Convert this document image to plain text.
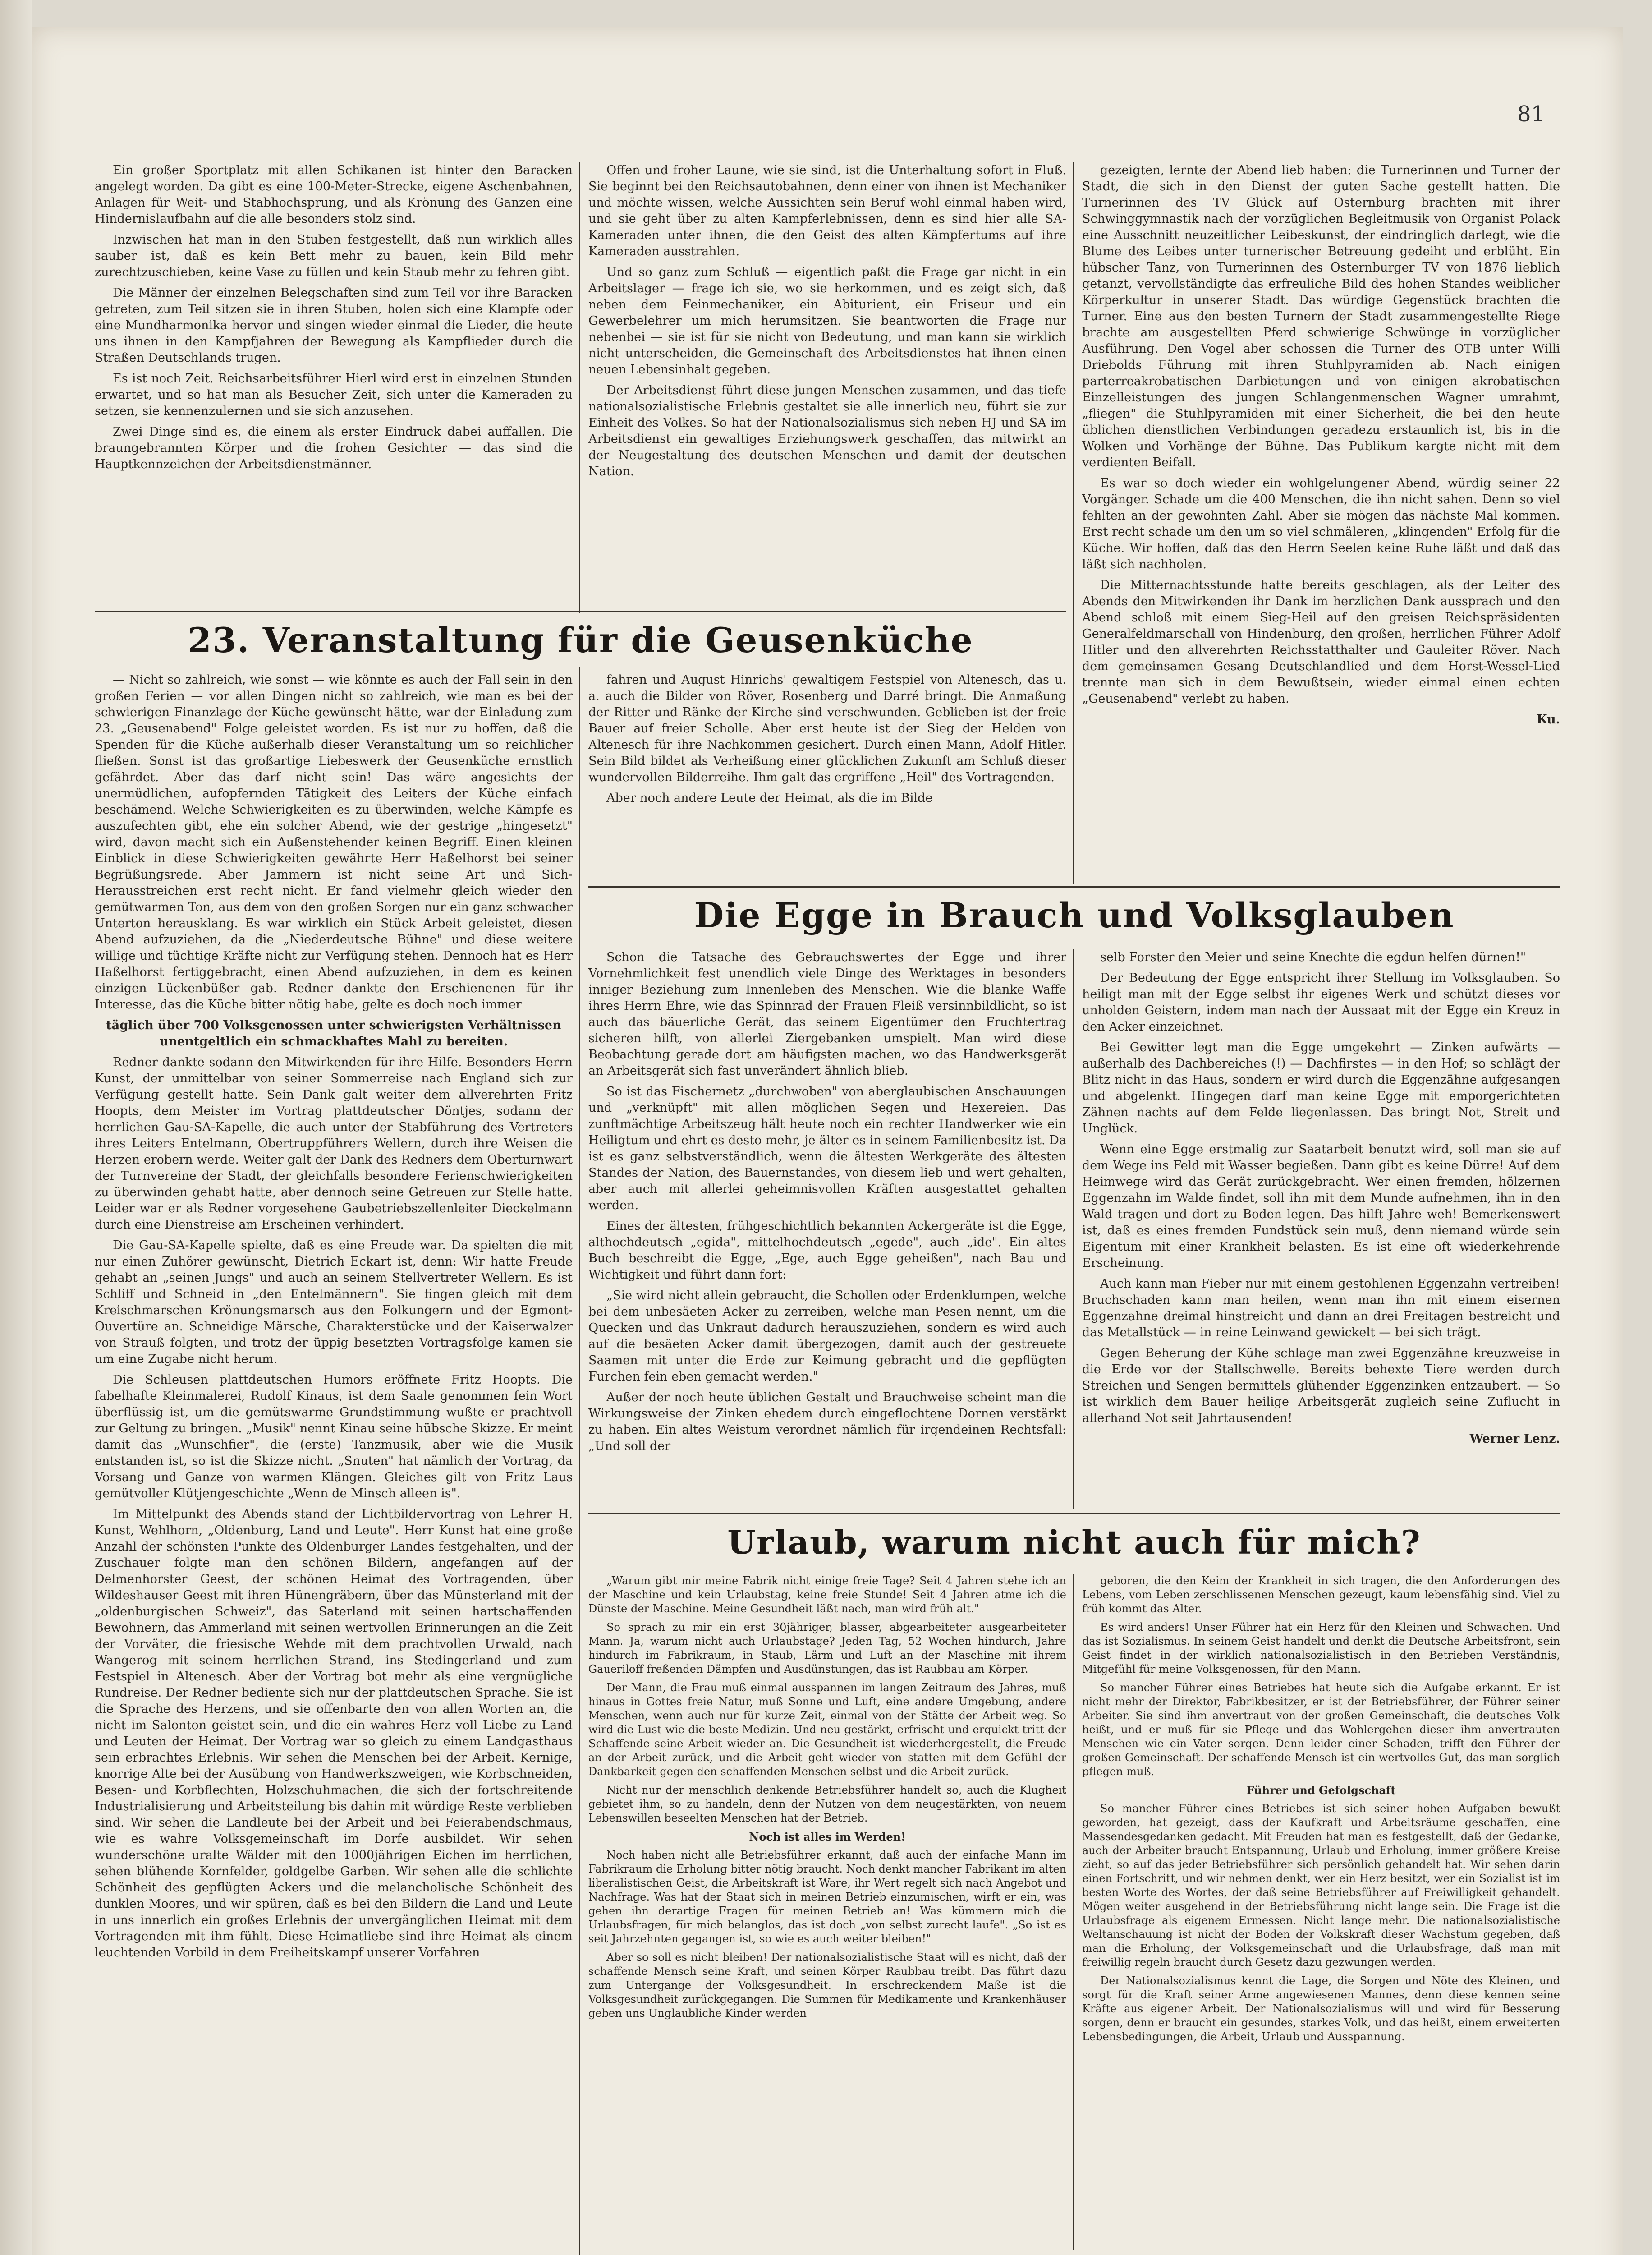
81

Ein großer Sportplatz mit allen Schikanen ist hinter den Baracken angelegt worden. Da gibt es eine 100-Meter-Strecke, eigene Aschenbahnen, Anlagen für Weit- und Stabhochsprung, und als Krönung des Ganzen eine Hindernislaufbahn auf die alle besonders stolz sind.

Inzwischen hat man in den Stuben festgestellt, daß nun wirklich alles sauber ist, daß es kein Bett mehr zu bauen, kein Bild mehr zurechtzuschieben, keine Vase zu füllen und kein Staub mehr zu fehren gibt.

Die Männer der einzelnen Belegschaften sind zum Teil vor ihre Baracken getreten, zum Teil sitzen sie in ihren Stuben, holen sich eine Klampfe oder eine Mundharmonika hervor und singen wieder einmal die Lieder, die heute uns ihnen in den Kampfjahren der Bewegung als Kampflieder durch die Straßen Deutschlands trugen.

Es ist noch Zeit. Reichsarbeitsführer Hierl wird erst in einzelnen Stunden erwartet, und so hat man als Besucher Zeit, sich unter die Kameraden zu setzen, sie kennenzulernen und sie sich anzusehen.

Zwei Dinge sind es, die einem als erster Eindruck dabei auffallen. Die braungebrannten Körper und die frohen Gesichter — das sind die Hauptkennzeichen der Arbeitsdienstmänner.

Offen und froher Laune, wie sie sind, ist die Unterhaltung sofort in Fluß. Sie beginnt bei den Reichsautobahnen, denn einer von ihnen ist Mechaniker und möchte wissen, welche Aussichten sein Beruf wohl einmal haben wird, und sie geht über zu alten Kampferlebnissen, denn es sind hier alle SA-Kameraden unter ihnen, die den Geist des alten Kämpfertums auf ihre Kameraden ausstrahlen.

Und so ganz zum Schluß — eigentlich paßt die Frage gar nicht in ein Arbeitslager — frage ich sie, wo sie herkommen, und es zeigt sich, daß neben dem Feinmechaniker, ein Abiturient, ein Friseur und ein Gewerbelehrer um mich herumsitzen. Sie beantworten die Frage nur nebenbei — sie ist für sie nicht von Bedeutung, und man kann sie wirklich nicht unterscheiden, die Gemeinschaft des Arbeitsdienstes hat ihnen einen neuen Lebensinhalt gegeben.

Der Arbeitsdienst führt diese jungen Menschen zusammen, und das tiefe nationalsozialistische Erlebnis gestaltet sie alle innerlich neu, führt sie zur Einheit des Volkes. So hat der Nationalsozialismus sich neben HJ und SA im Arbeitsdienst ein gewaltiges Erziehungswerk geschaffen, das mitwirkt an der Neugestaltung des deutschen Menschen und damit der deutschen Nation.

gezeigten, lernte der Abend lieb haben: die Turnerinnen und Turner der Stadt, die sich in den Dienst der guten Sache gestellt hatten. Die Turnerinnen des TV Glück auf Osternburg brachten mit ihrer Schwinggymnastik nach der vorzüglichen Begleitmusik von Organist Polack eine Ausschnitt neuzeitlicher Leibeskunst, der eindringlich darlegt, wie die Blume des Leibes unter turnerischer Betreuung gedeiht und erblüht. Ein hübscher Tanz, von Turnerinnen des Osternburger TV von 1876 lieblich getanzt, vervollständigte das erfreuliche Bild des hohen Standes weiblicher Körperkultur in unserer Stadt. Das würdige Gegenstück brachten die Turner. Eine aus den besten Turnern der Stadt zusammengestellte Riege brachte am ausgestellten Pferd schwierige Schwünge in vorzüglicher Ausführung. Den Vogel aber schossen die Turner des OTB unter Willi Driebolds Führung mit ihren Stuhlpyramiden ab. Nach einigen parterreakrobatischen Darbietungen und von einigen akrobatischen Einzelleistungen des jungen Schlangenmenschen Wagner umrahmt, „fliegen" die Stuhlpyramiden mit einer Sicherheit, die bei den heute üblichen dienstlichen Verbindungen geradezu erstaunlich ist, bis in die Wolken und Vorhänge der Bühne. Das Publikum kargte nicht mit dem verdienten Beifall.

Es war so doch wieder ein wohlgelungener Abend, würdig seiner 22 Vorgänger. Schade um die 400 Menschen, die ihn nicht sahen. Denn so viel fehlten an der gewohnten Zahl. Aber sie mögen das nächste Mal kommen. Erst recht schade um den um so viel schmäleren, „klingenden" Erfolg für die Küche. Wir hoffen, daß das den Herrn Seelen keine Ruhe läßt und daß das läßt sich nachholen.

Die Mitternachtsstunde hatte bereits geschlagen, als der Leiter des Abends den Mitwirkenden ihr Dank im herzlichen Dank aussprach und den Abend schloß mit einem Sieg-Heil auf den greisen Reichspräsidenten Generalfeldmarschall von Hindenburg, den großen, herrlichen Führer Adolf Hitler und den allverehrten Reichsstatthalter und Gauleiter Röver. Nach dem gemeinsamen Gesang Deutschlandlied und dem Horst-Wessel-Lied trennte man sich in dem Bewußtsein, wieder einmal einen echten „Geusenabend" verlebt zu haben.

Ku.

23. Veranstaltung für die Geusenküche

— Nicht so zahlreich, wie sonst — wie könnte es auch der Fall sein in den großen Ferien — vor allen Dingen nicht so zahlreich, wie man es bei der schwierigen Finanzlage der Küche gewünscht hätte, war der Einladung zum 23. „Geusenabend" Folge geleistet worden. Es ist nur zu hoffen, daß die Spenden für die Küche außerhalb dieser Veranstaltung um so reichlicher fließen. Sonst ist das großartige Liebeswerk der Geusenküche ernstlich gefährdet. Aber das darf nicht sein! Das wäre angesichts der unermüdlichen, aufopfernden Tätigkeit des Leiters der Küche einfach beschämend. Welche Schwierigkeiten es zu überwinden, welche Kämpfe es auszufechten gibt, ehe ein solcher Abend, wie der gestrige „hingesetzt" wird, davon macht sich ein Außenstehender keinen Begriff. Einen kleinen Einblick in diese Schwierigkeiten gewährte Herr Haßelhorst bei seiner Begrüßungsrede. Aber Jammern ist nicht seine Art und Sich-Herausstreichen erst recht nicht. Er fand vielmehr gleich wieder den gemütwarmen Ton, aus dem von den großen Sorgen nur ein ganz schwacher Unterton herausklang. Es war wirklich ein Stück Arbeit geleistet, diesen Abend aufzuziehen, da die „Niederdeutsche Bühne" und diese weitere willige und tüchtige Kräfte nicht zur Verfügung stehen. Dennoch hat es Herr Haßelhorst fertiggebracht, einen Abend aufzuziehen, in dem es keinen einzigen Lückenbüßer gab. Redner dankte den Erschienenen für ihr Interesse, das die Küche bitter nötig habe, gelte es doch noch immer

täglich über 700 Volksgenossen unter schwierigsten Verhältnissen unentgeltlich ein schmackhaftes Mahl zu bereiten.

Redner dankte sodann den Mitwirkenden für ihre Hilfe. Besonders Herrn Kunst, der unmittelbar von seiner Sommerreise nach England sich zur Verfügung gestellt hatte. Sein Dank galt weiter dem allverehrten Fritz Hoopts, dem Meister im Vortrag plattdeutscher Döntjes, sodann der herrlichen Gau-SA-Kapelle, die auch unter der Stabführung des Vertreters ihres Leiters Entelmann, Obertruppführers Wellern, durch ihre Weisen die Herzen erobern werde. Weiter galt der Dank des Redners dem Oberturnwart der Turnvereine der Stadt, der gleichfalls besondere Ferienschwierigkeiten zu überwinden gehabt hatte, aber dennoch seine Getreuen zur Stelle hatte. Leider war er als Redner vorgesehene Gaubetriebszellenleiter Dieckelmann durch eine Dienstreise am Erscheinen verhindert.

Die Gau-SA-Kapelle spielte, daß es eine Freude war. Da spielten die mit nur einen Zuhörer gewünscht, Dietrich Eckart ist, denn: Wir hatte Freude gehabt an „seinen Jungs" und auch an seinem Stellvertreter Wellern. Es ist Schliff und Schneid in „den Entelmännern". Sie fingen gleich mit dem Kreischmarschen Krönungsmarsch aus den Folkungern und der Egmont-Ouvertüre an. Schneidige Märsche, Charakterstücke und der Kaiserwalzer von Strauß folgten, und trotz der üppig besetzten Vortragsfolge kamen sie um eine Zugabe nicht herum.

Die Schleusen plattdeutschen Humors eröffnete Fritz Hoopts. Die fabelhafte Kleinmalerei, Rudolf Kinaus, ist dem Saale genommen fein Wort überflüssig ist, um die gemütswarme Grundstimmung wußte er prachtvoll zur Geltung zu bringen. „Musik" nennt Kinau seine hübsche Skizze. Er meint damit das „Wunschfier", die (erste) Tanzmusik, aber wie die Musik entstanden ist, so ist die Skizze nicht. „Snuten" hat nämlich der Vortrag, da Vorsang und Ganze von warmen Klängen. Gleiches gilt von Fritz Laus gemütvoller Klütjengeschichte „Wenn de Minsch alleen is".

Im Mittelpunkt des Abends stand der Lichtbildervortrag von Lehrer H. Kunst, Wehlhorn, „Oldenburg, Land und Leute". Herr Kunst hat eine große Anzahl der schönsten Punkte des Oldenburger Landes festgehalten, und der Zuschauer folgte man den schönen Bildern, angefangen auf der Delmenhorster Geest, der schönen Heimat des Vortragenden, über Wildeshauser Geest mit ihren Hünengräbern, über das Münsterland mit der „oldenburgischen Schweiz", das Saterland mit seinen hartschaffenden Bewohnern, das Ammerland mit seinen wertvollen Erinnerungen an die Zeit der Vorväter, die friesische Wehde mit dem prachtvollen Urwald, nach Wangerog mit seinem herrlichen Strand, ins Stedingerland und zum Festspiel in Altenesch. Aber der Vortrag bot mehr als eine vergnügliche Rundreise. Der Redner bediente sich nur der plattdeutschen Sprache. Sie ist die Sprache des Herzens, und sie offenbarte den von allen Worten an, die nicht im Salonton geistet sein, und die ein wahres Herz voll Liebe zu Land und Leuten der Heimat. Der Vortrag war so gleich zu einem Landgasthaus sein erbrachtes Erlebnis. Wir sehen die Menschen bei der Arbeit. Kernige, knorrige Alte bei der Ausübung von Handwerkszweigen, wie Korbschneiden, Besen- und Korbflechten, Holzschuhmachen, die sich der fortschreitende Industrialisierung und Arbeitsteilung bis dahin mit würdige Reste verblieben sind. Wir sehen die Landleute bei der Arbeit und bei Feierabendschmaus, wie es wahre Volksgemeinschaft im Dorfe ausbildet. Wir sehen wunderschöne uralte Wälder mit den 1000jährigen Eichen im herrlichen, sehen blühende Kornfelder, goldgelbe Garben. Wir sehen alle die schlichte Schönheit des gepflügten Ackers und die melancholische Schönheit des dunklen Moores, und wir spüren, daß es bei den Bildern die Land und Leute in uns innerlich ein großes Erlebnis der unvergänglichen Heimat mit dem Vortragenden mit ihm fühlt. Diese Heimatliebe sind ihre Heimat als einem leuchtenden Vorbild in dem Freiheitskampf unserer Vorfahren

fahren und August Hinrichs' gewaltigem Festspiel von Altenesch, das u. a. auch die Bilder von Röver, Rosenberg und Darré bringt. Die Anmaßung der Ritter und Ränke der Kirche sind verschwunden. Geblieben ist der freie Bauer auf freier Scholle. Aber erst heute ist der Sieg der Helden von Altenesch für ihre Nachkommen gesichert. Durch einen Mann, Adolf Hitler. Sein Bild bildet als Verheißung einer glücklichen Zukunft am Schluß dieser wundervollen Bilderreihe. Ihm galt das ergriffene „Heil" des Vortragenden.

Aber noch andere Leute der Heimat, als die im Bilde

Die Egge in Brauch und Volksglauben

Schon die Tatsache des Gebrauchswertes der Egge und ihrer Vornehmlichkeit fest unendlich viele Dinge des Werktages in besonders inniger Beziehung zum Innenleben des Menschen. Wie die blanke Waffe ihres Herrn Ehre, wie das Spinnrad der Frauen Fleiß versinnbildlicht, so ist auch das bäuerliche Gerät, das seinem Eigentümer den Fruchtertrag sicheren hilft, von allerlei Ziergebanken umspielt. Man wird diese Beobachtung gerade dort am häufigsten machen, wo das Handwerksgerät an Arbeitsgerät sich fast unverändert ähnlich blieb.

So ist das Fischernetz „durchwoben" von aberglaubischen Anschauungen und „verknüpft" mit allen möglichen Segen und Hexereien. Das zunftmächtige Arbeitszeug hält heute noch ein rechter Handwerker wie ein Heiligtum und ehrt es desto mehr, je älter es in seinem Familienbesitz ist. Da ist es ganz selbstverständlich, wenn die ältesten Werkgeräte des ältesten Standes der Nation, des Bauernstandes, von diesem lieb und wert gehalten, aber auch mit allerlei geheimnisvollen Kräften ausgestattet gehalten werden.

Eines der ältesten, frühgeschichtlich bekannten Ackergeräte ist die Egge, althochdeutsch „egida", mittelhochdeutsch „egede", auch „ide". Ein altes Buch beschreibt die Egge, „Ege, auch Egge geheißen", nach Bau und Wichtigkeit und führt dann fort:

„Sie wird nicht allein gebraucht, die Schollen oder Erdenklumpen, welche bei dem unbesäeten Acker zu zerreiben, welche man Pesen nennt, um die Quecken und das Unkraut dadurch herauszuziehen, sondern es wird auch auf die besäeten Acker damit übergezogen, damit auch der gestreuete Saamen mit unter die Erde zur Keimung gebracht und die gepflügten Furchen fein eben gemacht werden."

Außer der noch heute üblichen Gestalt und Brauchweise scheint man die Wirkungsweise der Zinken ehedem durch eingeflochtene Dornen verstärkt zu haben. Ein altes Weistum verordnet nämlich für irgendeinen Rechtsfall: „Und soll der

selb Forster den Meier und seine Knechte die egdun helfen dürnen!"

Der Bedeutung der Egge entspricht ihrer Stellung im Volksglauben. So heiligt man mit der Egge selbst ihr eigenes Werk und schützt dieses vor unholden Geistern, indem man nach der Aussaat mit der Egge ein Kreuz in den Acker einzeichnet.

Bei Gewitter legt man die Egge umgekehrt — Zinken aufwärts — außerhalb des Dachbereiches (!) — Dachfirstes — in den Hof; so schlägt der Blitz nicht in das Haus, sondern er wird durch die Eggenzähne aufgesangen und abgelenkt. Hingegen darf man keine Egge mit emporgerichteten Zähnen nachts auf dem Felde liegenlassen. Das bringt Not, Streit und Unglück.

Wenn eine Egge erstmalig zur Saatarbeit benutzt wird, soll man sie auf dem Wege ins Feld mit Wasser begießen. Dann gibt es keine Dürre! Auf dem Heimwege wird das Gerät zurückgebracht. Wer einen fremden, hölzernen Eggenzahn im Walde findet, soll ihn mit dem Munde aufnehmen, ihn in den Wald tragen und dort zu Boden legen. Das hilft Jahre weh! Bemerkenswert ist, daß es eines fremden Fundstück sein muß, denn niemand würde sein Eigentum mit einer Krankheit belasten. Es ist eine oft wiederkehrende Erscheinung.

Auch kann man Fieber nur mit einem gestohlenen Eggenzahn vertreiben! Bruchschaden kann man heilen, wenn man ihn mit einem eisernen Eggenzahne dreimal hinstreicht und dann an drei Freitagen bestreicht und das Metallstück — in reine Leinwand gewickelt — bei sich trägt.

Gegen Beherung der Kühe schlage man zwei Eggenzähne kreuzweise in die Erde vor der Stallschwelle. Bereits behexte Tiere werden durch Streichen und Sengen bermittels glühender Eggenzinken entzaubert. — So ist wirklich dem Bauer heilige Arbeitsgerät zugleich seine Zuflucht in allerhand Not seit Jahrtausenden!

Werner Lenz.

Urlaub, warum nicht auch für mich?

„Warum gibt mir meine Fabrik nicht einige freie Tage? Seit 4 Jahren stehe ich an der Maschine und kein Urlaubstag, keine freie Stunde! Seit 4 Jahren atme ich die Dünste der Maschine. Meine Gesundheit läßt nach, man wird früh alt."

So sprach zu mir ein erst 30jähriger, blasser, abgearbeiteter ausgearbeiteter Mann. Ja, warum nicht auch Urlaubstage? Jeden Tag, 52 Wochen hindurch, Jahre hindurch im Fabrikraum, in Staub, Lärm und Luft an der Maschine mit ihrem Gaueriloff freßenden Dämpfen und Ausdünstungen, das ist Raubbau am Körper.

Der Mann, die Frau muß einmal ausspannen im langen Zeitraum des Jahres, muß hinaus in Gottes freie Natur, muß Sonne und Luft, eine andere Umgebung, andere Menschen, wenn auch nur für kurze Zeit, einmal von der Stätte der Arbeit weg. So wird die Lust wie die beste Medizin. Und neu gestärkt, erfrischt und erquickt tritt der Schaffende seine Arbeit wieder an. Die Gesundheit ist wiederhergestellt, die Freude an der Arbeit zurück, und die Arbeit geht wieder von statten mit dem Gefühl der Dankbarkeit gegen den schaffenden Menschen selbst und die Arbeit zurück.

Nicht nur der menschlich denkende Betriebsführer handelt so, auch die Klugheit gebietet ihm, so zu handeln, denn der Nutzen von dem neugestärkten, von neuem Lebenswillen beseelten Menschen hat der Betrieb.

Noch ist alles im Werden!

Noch haben nicht alle Betriebsführer erkannt, daß auch der einfache Mann im Fabrikraum die Erholung bitter nötig braucht. Noch denkt mancher Fabrikant im alten liberalistischen Geist, die Arbeitskraft ist Ware, ihr Wert regelt sich nach Angebot und Nachfrage. Was hat der Staat sich in meinen Betrieb einzumischen, wirft er ein, was gehen ihn derartige Fragen für meinen Betrieb an! Was kümmern mich die Urlaubsfragen, für mich belanglos, das ist doch „von selbst zurecht laufe". „So ist es seit Jahrzehnten gegangen ist, so wie es auch weiter bleiben!"

Aber so soll es nicht bleiben! Der nationalsozialistische Staat will es nicht, daß der schaffende Mensch seine Kraft, und seinen Körper Raubbau treibt. Das führt dazu zum Untergange der Volksgesundheit. In erschreckendem Maße ist die Volksgesundheit zurückgegangen. Die Summen für Medikamente und Krankenhäuser geben uns Unglaubliche Kinder werden

geboren, die den Keim der Krankheit in sich tragen, die den Anforderungen des Lebens, vom Leben zerschlissenen Menschen gezeugt, kaum lebensfähig sind. Viel zu früh kommt das Alter.

Es wird anders! Unser Führer hat ein Herz für den Kleinen und Schwachen. Und das ist Sozialismus. In seinem Geist handelt und denkt die Deutsche Arbeitsfront, sein Geist findet in der wirklich nationalsozialistisch in den Betrieben Verständnis, Mitgefühl für meine Volksgenossen, für den Mann.

So mancher Führer eines Betriebes hat heute sich die Aufgabe erkannt. Er ist nicht mehr der Direktor, Fabrikbesitzer, er ist der Betriebsführer, der Führer seiner Arbeiter. Sie sind ihm anvertraut von der großen Gemeinschaft, die deutsches Volk heißt, und er muß für sie Pflege und das Wohlergehen dieser ihm anvertrauten Menschen wie ein Vater sorgen. Denn leider einer Schaden, trifft den Führer der großen Gemeinschaft. Der schaffende Mensch ist ein wertvolles Gut, das man sorglich pflegen muß.

Führer und Gefolgschaft

So mancher Führer eines Betriebes ist sich seiner hohen Aufgaben bewußt geworden, hat gezeigt, dass der Kaufkraft und Arbeitsräume geschaffen, eine Massendesgedanken gedacht. Mit Freuden hat man es festgestellt, daß der Gedanke, auch der Arbeiter braucht Entspannung, Urlaub und Erholung, immer größere Kreise zieht, so auf das jeder Betriebsführer sich persönlich gehandelt hat. Wir sehen darin einen Fortschritt, und wir nehmen denkt, wer ein Herz besitzt, wer ein Sozialist ist im besten Worte des Wortes, der daß seine Betriebsführer auf Freiwilligkeit gehandelt. Mögen weiter ausgehend in der Betriebsführung nicht lange sein. Die Frage ist die Urlaubsfrage als eigenem Ermessen. Nicht lange mehr. Die nationalsozialistische Weltanschauung ist nicht der Boden der Volkskraft dieser Wachstum gegeben, daß man die Erholung, der Volksgemeinschaft und die Urlaubsfrage, daß man mit freiwillig regeln braucht durch Gesetz dazu gezwungen werden.

Der Nationalsozialismus kennt die Lage, die Sorgen und Nöte des Kleinen, und sorgt für die Kraft seiner Arme angewiesenen Mannes, denn diese kennen seine Kräfte aus eigener Arbeit. Der Nationalsozialismus will und wird für Besserung sorgen, denn er braucht ein gesundes, starkes Volk, und das heißt, einem erweiterten Lebensbedingungen, die Arbeit, Urlaub und Ausspannung.
